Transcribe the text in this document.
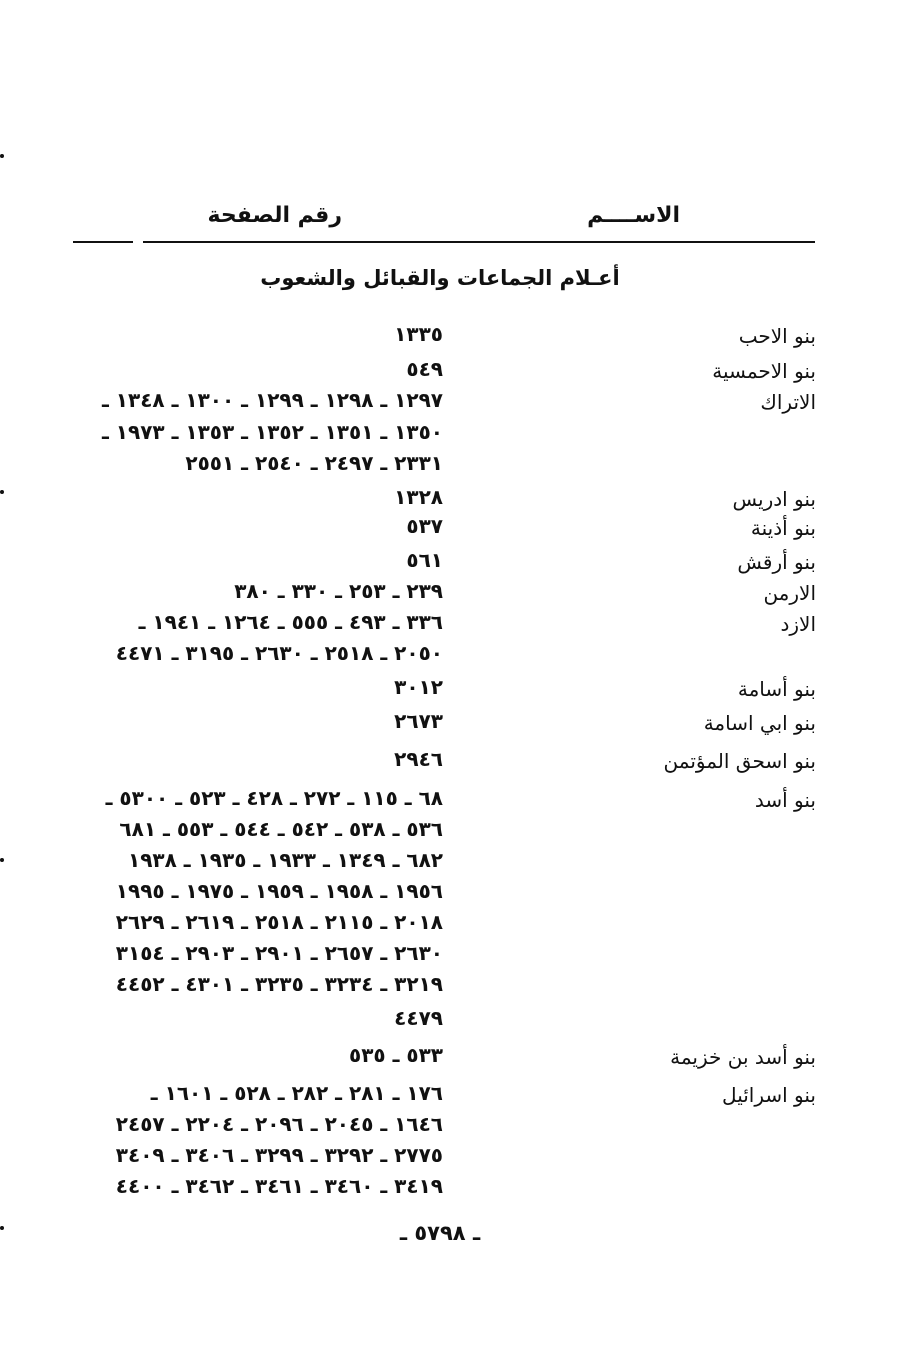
الاســــم
رقم الصفحة
أعـلام الجماعات والقبائل والشعوب
بنو الاحب
١٣٣٥
بنو الاحمسية
٥٤٩
الاتراك
١٢٩٧ ـ ١٢٩٨ ـ ١٢٩٩ ـ ١٣٠٠ ـ ١٣٤٨ ـ
١٣٥٠ ـ ١٣٥١ ـ ١٣٥٢ ـ ١٣٥٣ ـ ١٩٧٣ ـ
٢٣٣١ ـ ٢٤٩٧ ـ ٢٥٤٠ ـ ٢٥٥١
بنو ادريس
١٣٢٨
بنو أذينة
٥٣٧
بنو أرقش
٥٦١
الارمن
٢٣٩ ـ ٢٥٣ ـ ٣٣٠ ـ ٣٨٠
الازد
٣٣٦ ـ ٤٩٣ ـ ٥٥٥ ـ ١٢٦٤ ـ ١٩٤١ ـ
٢٠٥٠ ـ ٢٥١٨ ـ ٢٦٣٠ ـ ٣١٩٥ ـ ٤٤٧١
بنو أسامة
٣٠١٢
بنو ابي اسامة
٢٦٧٣
بنو اسحق المؤتمن
٢٩٤٦
بنو أسد
٦٨ ـ ١١٥ ـ ٢٧٢ ـ ٤٢٨ ـ ٥٢٣ ـ ٥٣٠٠ ـ
٥٣٦ ـ ٥٣٨ ـ ٥٤٢ ـ ٥٤٤ ـ ٥٥٣ ـ ٦٨١
٦٨٢ ـ ١٣٤٩ ـ ١٩٣٣ ـ ١٩٣٥ ـ ١٩٣٨
١٩٥٦ ـ ١٩٥٨ ـ ١٩٥٩ ـ ١٩٧٥ ـ ١٩٩٥
٢٠١٨ ـ ٢١١٥ ـ ٢٥١٨ ـ ٢٦١٩ ـ ٢٦٢٩
٢٦٣٠ ـ ٢٦٥٧ ـ ٢٩٠١ ـ ٢٩٠٣ ـ ٣١٥٤
٣٢١٩ ـ ٣٢٣٤ ـ ٣٢٣٥ ـ ٤٣٠١ ـ ٤٤٥٢
٤٤٧٩
بنو أسد بن خزيمة
٥٣٣ ـ ٥٣٥
بنو اسرائيل
١٧٦ ـ ٢٨١ ـ ٢٨٢ ـ ٥٢٨ ـ ١٦٠١ ـ
١٦٤٦ ـ ٢٠٤٥ ـ ٢٠٩٦ ـ ٢٢٠٤ ـ ٢٤٥٧
٢٧٧٥ ـ ٣٢٩٢ ـ ٣٢٩٩ ـ ٣٤٠٦ ـ ٣٤٠٩
٣٤١٩ ـ ٣٤٦٠ ـ ٣٤٦١ ـ ٣٤٦٢ ـ ٤٤٠٠
ـ ٥٧٩٨ ـ
